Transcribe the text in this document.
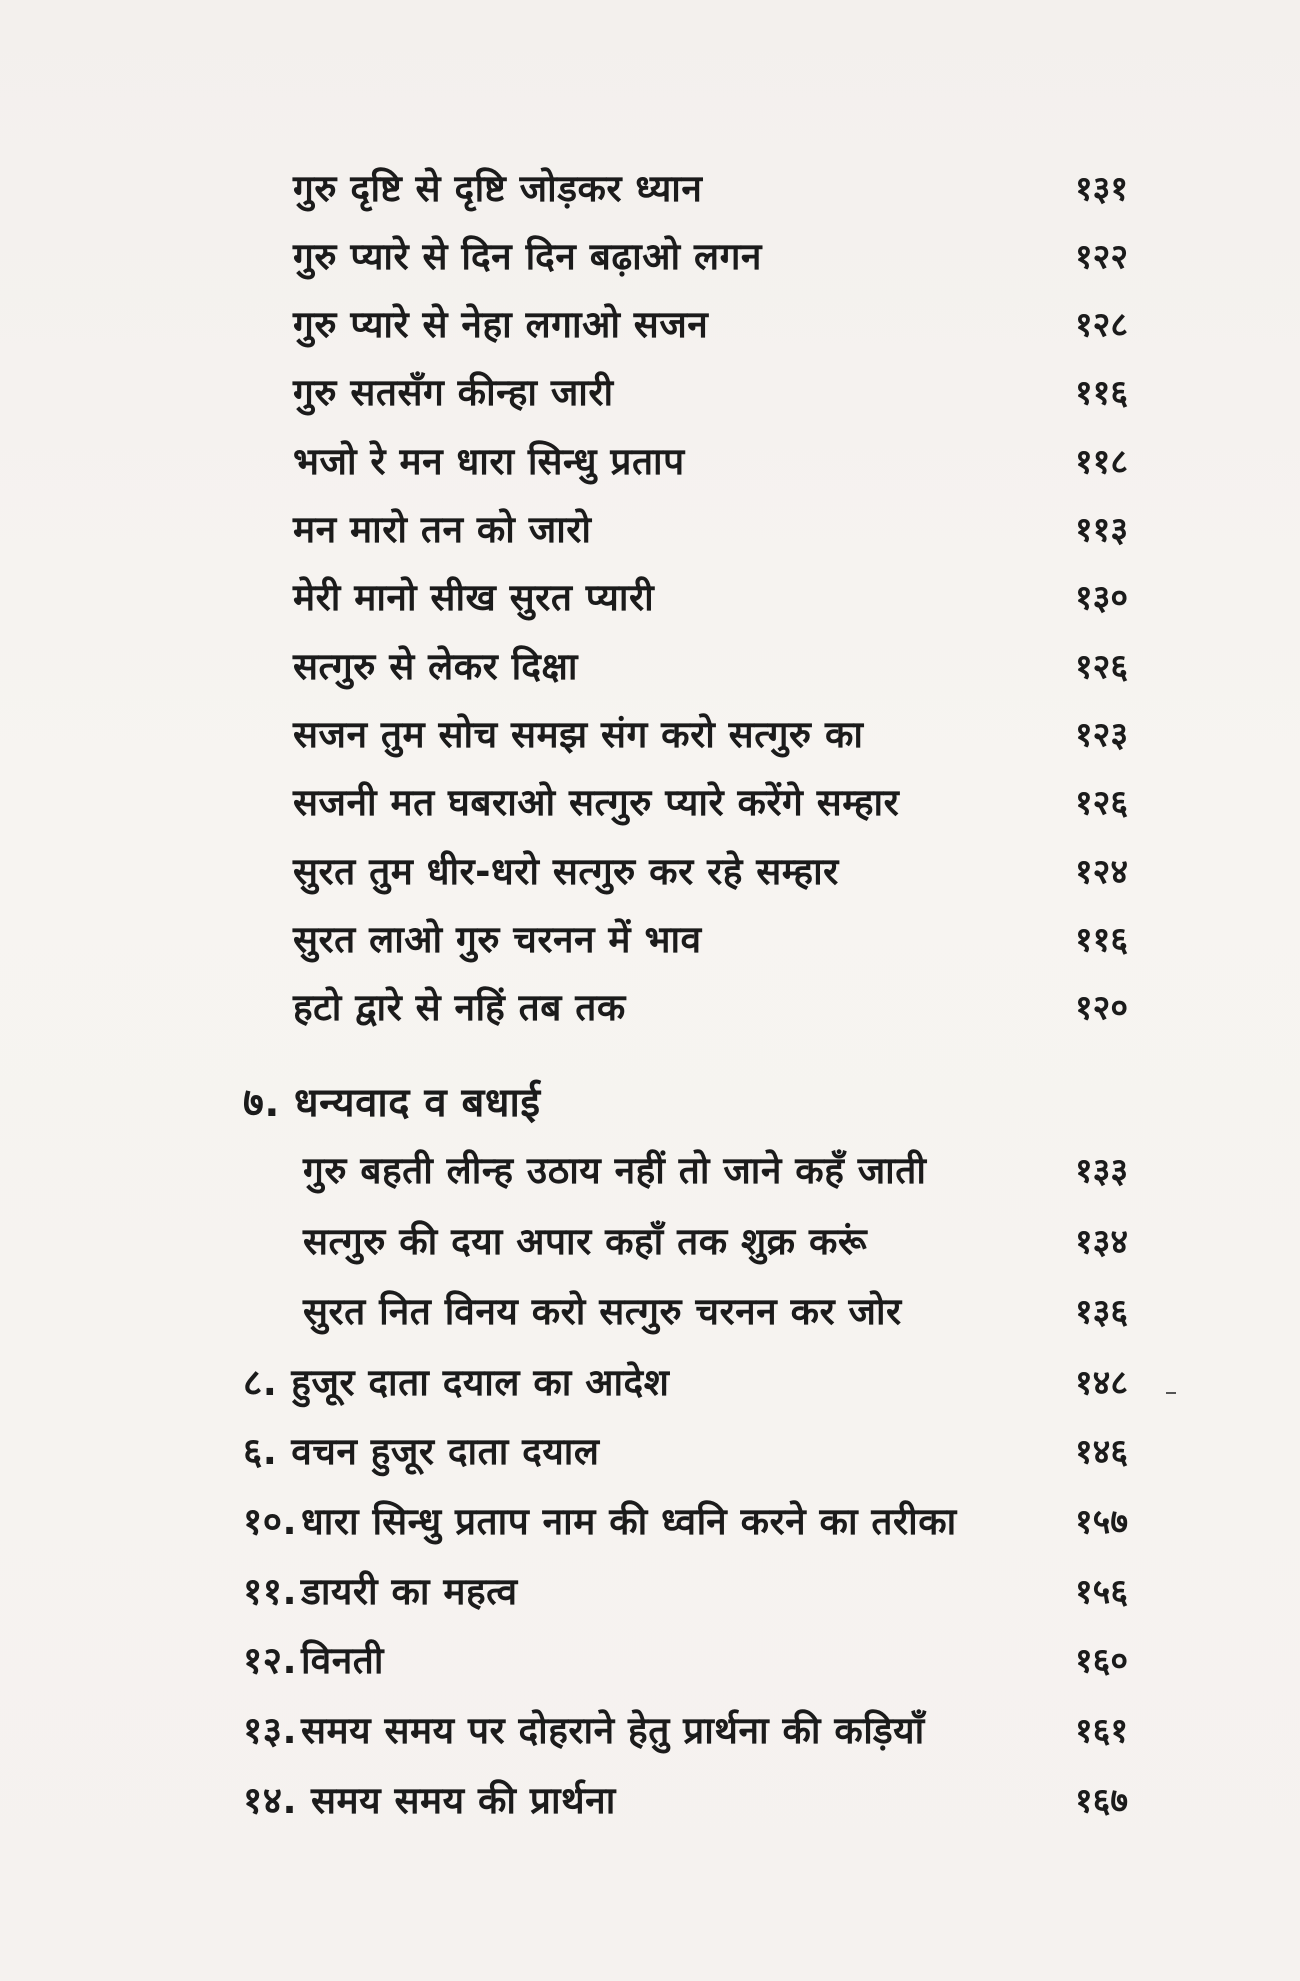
गुरु दृष्टि से दृष्टि जोड़कर ध्यान	१३१
गुरु प्यारे से दिन दिन बढ़ाओ लगन	१२२
गुरु प्यारे से नेहा लगाओ सजन	१२८
गुरु सतसँग कीन्हा जारी	११६
भजो रे मन धारा सिन्धु प्रताप	११८
मन मारो तन को जारो	११३
मेरी मानो सीख सुरत प्यारी	१३०
सत्गुरु से लेकर दिक्षा	१२६
सजन तुम सोच समझ संग करो सत्गुरु का	१२३
सजनी मत घबराओ सत्गुरु प्यारे करेंगे सम्हार	१२६
सुरत तुम धीर-धरो सत्गुरु कर रहे सम्हार	१२४
सुरत लाओ गुरु चरनन में भाव	११६
हटो द्वारे से नहिं तब तक	१२०
७. धन्यवाद व बधाई
गुरु बहती लीन्ह उठाय नहीं तो जाने कहँ जाती	१३३
सत्गुरु की दया अपार कहाँ तक शुक्र करूं	१३४
सुरत नित विनय करो सत्गुरु चरनन कर जोर	१३६
८. हुजूर दाता दयाल का आदेश	१४८
६. वचन हुजूर दाता दयाल	१४६
१०. धारा सिन्धु प्रताप नाम की ध्वनि करने का तरीका	१५७
११. डायरी का महत्व	१५६
१२. विनती	१६०
१३. समय समय पर दोहराने हेतु प्रार्थना की कड़ियाँ	१६१
१४. समय समय की प्रार्थना	१६७
